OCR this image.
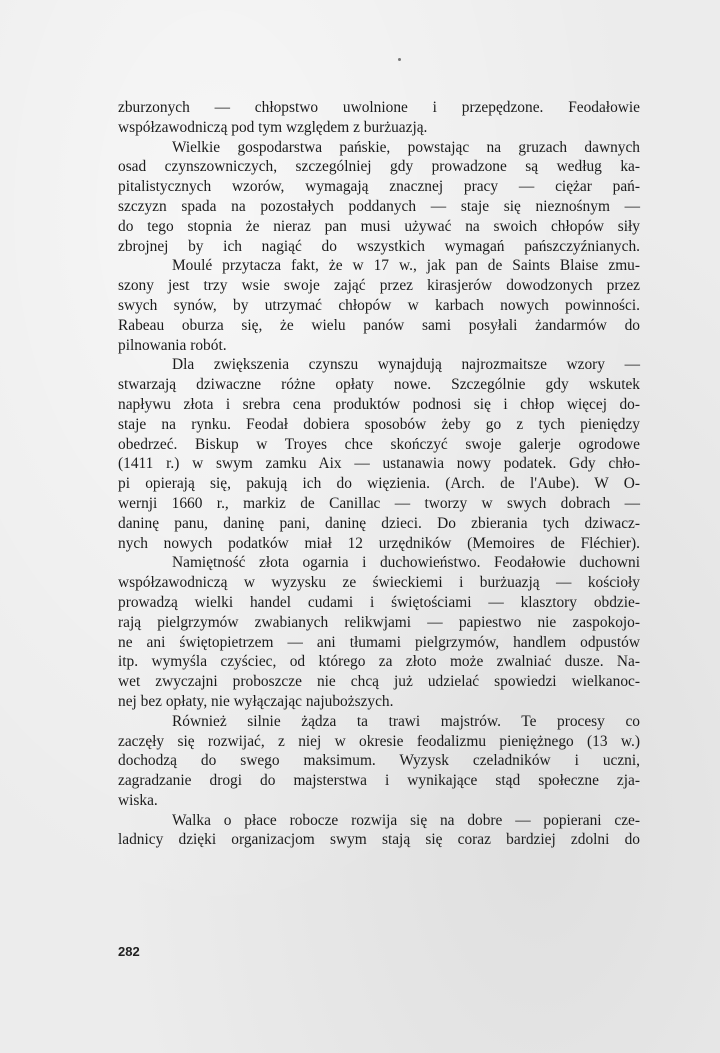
zburzonych — chłopstwo uwolnione i przepędzone. Feodałowie
współzawodniczą pod tym względem z burżuazją.

Wielkie gospodarstwa pańskie, powstając na gruzach dawnych
osad czynszowniczych, szczególniej gdy prowadzone są według ka-
pitalistycznych wzorów, wymagają znacznej pracy — ciężar pań-
szczyzn spada na pozostałych poddanych — staje się nieznośnym —
do tego stopnia że nieraz pan musi używać na swoich chłopów siły
zbrojnej by ich nagiąć do wszystkich wymagań pańszczyźnianych.

Moulé przytacza fakt, że w 17 w., jak pan de Saints Blaise zmu-
szony jest trzy wsie swoje zająć przez kirasjerów dowodzonych przez
swych synów, by utrzymać chłopów w karbach nowych powinności.
Rabeau oburza się, że wielu panów sami posyłali żandarmów do
pilnowania robót.

Dla zwiększenia czynszu wynajdują najrozmaitsze wzory —
stwarzają dziwaczne różne opłaty nowe. Szczególnie gdy wskutek
napływu złota i srebra cena produktów podnosi się i chłop więcej do-
staje na rynku. Feodał dobiera sposobów żeby go z tych pieniędzy
obedrzeć. Biskup w Troyes chce skończyć swoje galerje ogrodowe
(1411 r.) w swym zamku Aix — ustanawia nowy podatek. Gdy chło-
pi opierają się, pakują ich do więzienia. (Arch. de l'Aube). W O-
wernji 1660 r., markiz de Canillac — tworzy w swych dobrach —
daninę panu, daninę pani, daninę dzieci. Do zbierania tych dziwacz-
nych nowych podatków miał 12 urzędników (Memoires de Fléchier).

Namiętność złota ogarnia i duchowieństwo. Feodałowie duchowni
współzawodniczą w wyzysku ze świeckiemi i burżuazją — kościoły
prowadzą wielki handel cudami i świętościami — klasztory obdzie-
rają pielgrzymów zwabianych relikwjami — papiestwo nie zaspokojo-
ne ani świętopietrzem — ani tłumami pielgrzymów, handlem odpustów
itp. wymyśla czyściec, od którego za złoto może zwalniać dusze. Na-
wet zwyczajni proboszcze nie chcą już udzielać spowiedzi wielkanoc-
nej bez opłaty, nie wyłączając najuboższych.

Również silnie żądza ta trawi majstrów. Te procesy co
zaczęły się rozwijać, z niej w okresie feodalizmu pieniężnego (13 w.)
dochodzą do swego maksimum. Wyzysk czeladników i uczni,
zagradzanie drogi do majsterstwa i wynikające stąd społeczne zja-
wiska.

Walka o płace robocze rozwija się na dobre — popierani cze-
ladnicy dzięki organizacjom swym stają się coraz bardziej zdolni do

282
